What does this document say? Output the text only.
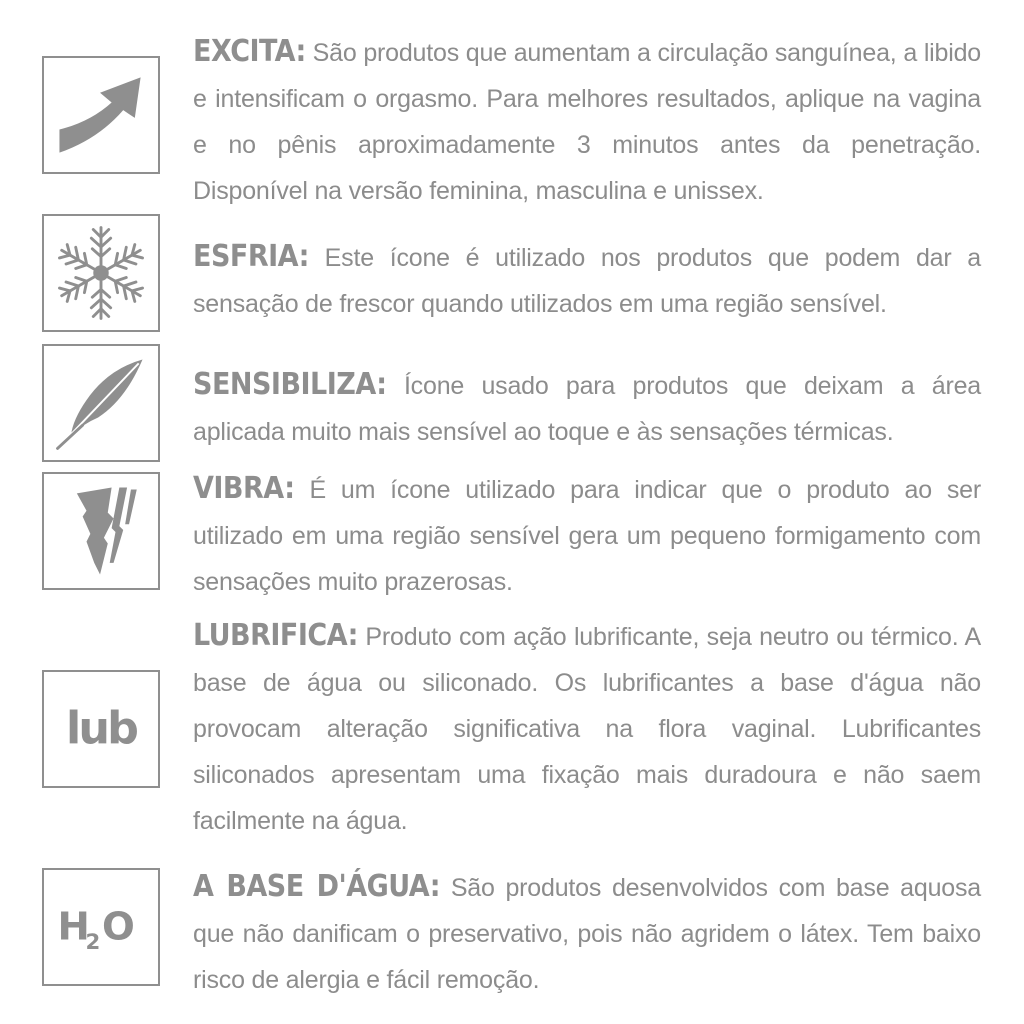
EXCITA: São produtos que aumentam a circulação sanguínea, a libido e intensificam o orgasmo. Para melhores resultados, aplique na vagina e no pênis aproximadamente 3 minutos antes da penetração. Disponível na versão feminina, masculina e unissex.
ESFRIA: Este ícone é utilizado nos produtos que podem dar a sensação de frescor quando utilizados em uma região sensível.
SENSIBILIZA: Ícone usado para produtos que deixam a área aplicada muito mais sensível ao toque e às sensações térmicas.
VIBRA: É um ícone utilizado para indicar que o produto ao ser utilizado em uma região sensível gera um pequeno formigamento com sensações muito prazerosas.
lub
LUBRIFICA: Produto com ação lubrificante, seja neutro ou térmico. A base de água ou siliconado. Os lubrificantes a base d'água não provocam alteração significativa na flora vaginal. Lubrificantes siliconados apresentam uma fixação mais duradoura e não saem facilmente na água.
H
2 O
A BASE D'ÁGUA: São produtos desenvolvidos com base aquosa que não danificam o preservativo, pois não agridem o látex. Tem baixo risco de alergia e fácil remoção.
